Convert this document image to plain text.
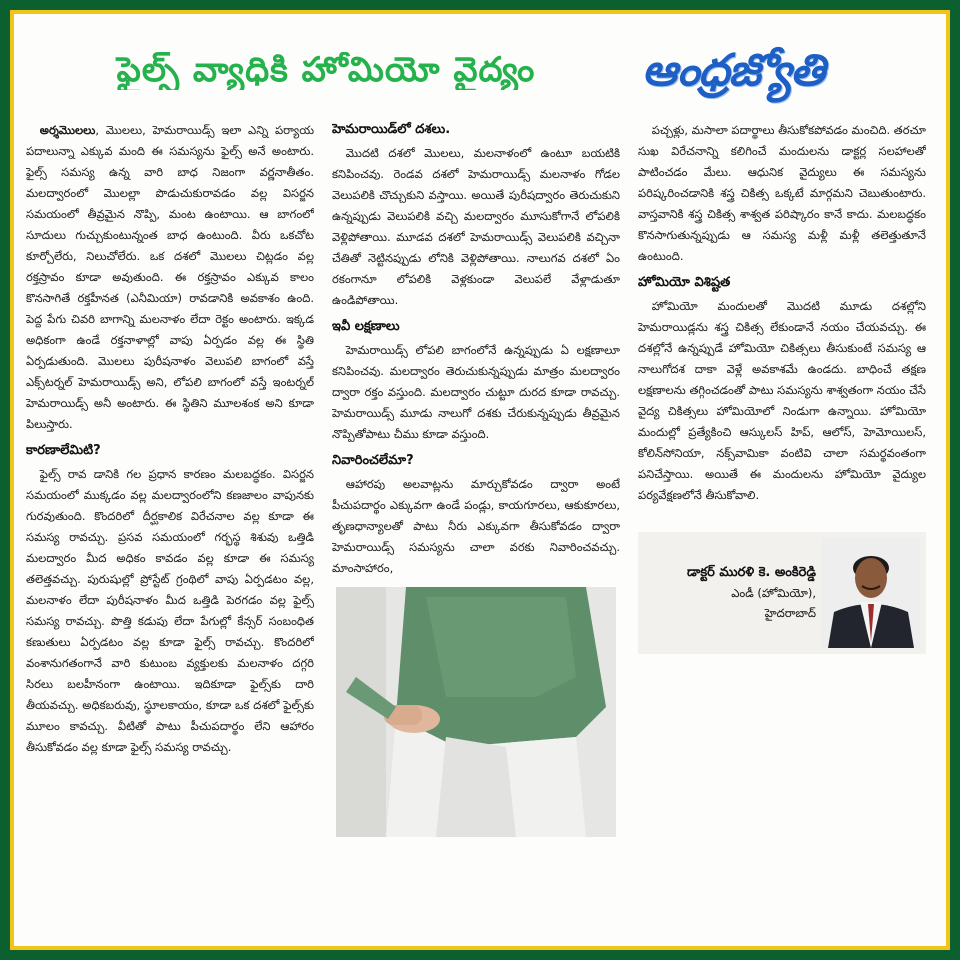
ఫైల్స్ వ్యాధికి హోమియో వైద్యం	ఆంధ్రజ్యోతి

అర్శమొలలు, మొలలు, హెమరాయిడ్స్ ఇలా ఎన్ని పర్యాయ పదాలున్నా ఎక్కువ మంది ఈ సమస్యను ఫైల్స్ అనే అంటారు. ఫైల్స్ సమస్య ఉన్న వారి బాధ నిజంగా వర్ణనాతీతం. మలద్వారంలో మొలల్లా పొడుచుకురావడం వల్ల విసర్జన సమయంలో తీవ్రమైన నొప్పి, మంట ఉంటాయి. ఆ బాగంలో సూదులు గుచ్చుకుంటున్నంత బాధ ఉంటుంది. వీరు ఒకచోట కూర్చోలేరు, నిలుచోలేరు. ఒక దశలో మొలలు చిట్లడం వల్ల రక్తస్రావం కూడా అవుతుంది. ఈ రక్తస్రావం ఎక్కువ కాలం కొనసాగితే రక్తహీనత (ఎనీమియా) రావడానికి అవకాశం ఉంది. పెద్ద పేగు చివరి బాగాన్ని మలనాళం లేదా రెక్టం అంటారు. ఇక్కడ అధికంగా ఉండే రక్తనాళాల్లో వాపు ఏర్పడం వల్ల ఈ స్థితి ఏర్పడుతుంది. మొలలు పురీషనాళం వెలుపలి బాగంలో వస్తే ఎక్స్‌టర్నల్ హెమరాయిడ్స్ అని, లోపలి బాగంలో వస్తే ఇంటర్నల్ హెమరాయిడ్స్ అనీ అంటారు. ఈ స్థితిని మూలశంక అని కూడా పిలుస్తారు.

కారణాలేమిటి?

ఫైల్స్ రావ డానికి గల ప్రధాన కారణం మలబద్ధకం. విసర్జన సమయంలో ముక్కడం వల్ల మలద్వారంలోని కణజాలం వాపునకు గురవుతుంది. కొందరిలో దీర్ఘకాలిక విరేచనాల వల్ల కూడా ఈ సమస్య రావచ్చు. ప్రసవ సమయంలో గర్భస్థ శిశువు ఒత్తిడి మలద్వారం మీద అధికం కావడం వల్ల కూడా ఈ సమస్య తలెత్తవచ్చు. పురుషుల్లో ప్రోస్టేట్ గ్రంథిలో వాపు ఏర్పడటం వల్ల, మలనాళం లేదా పురీషనాళం మీద ఒత్తిడి పెరగడం వల్ల ఫైల్స్ సమస్య రావచ్చు. పొత్తి కడుపు లేదా పేగుల్లో కేన్సర్ సంబంధిత కణుతులు ఏర్పడటం వల్ల కూడా ఫైల్స్ రావచ్చు. కొందరిలో వంశానుగతంగానే వారి కుటుంబ వ్యక్తులకు మలనాళం దగ్గరి సిరలు బలహీనంగా ఉంటాయి. ఇదికూడా ఫైల్స్‌కు దారి తీయవచ్చు. అధికబరువు, స్థూలకాయం, కూడా ఒక దశలో ఫైల్స్‌కు మూలం కావచ్చు. వీటితో పాటు పీచుపదార్థం లేని ఆహారం తీసుకోవడం వల్ల కూడా ఫైల్స్ సమస్య రావచ్చు.

హెమరాయిడ్‌లో దశలు.

మొదటి దశలో మొలలు, మలనాళంలో ఉంటూ బయటికి కనిపించవు. రెండవ దశలో హెమరాయిడ్స్ మలనాళం గోడల వెలుపలికి చొచ్చుకుని వస్తాయి. అయితే పురీషద్వారం తెరుచుకుని ఉన్నప్పుడు వెలుపలికి వచ్చి మలద్వారం మూసుకోగానే లోపలికి వెళ్లిపోతాయి. మూడవ దశలో హెమరాయిడ్స్ వెలుపలికి వచ్చినా చేతితో నెట్టినప్పుడు లోనికి వెళ్లిపోతాయి. నాలుగవ దశలో ఏం రకంగానూ లోపలికి వెళ్లకుండా వెలుపలే వేళ్లాడుతూ ఉండిపోతాయి.

ఇవీ లక్షణాలు

హెమరాయిడ్స్ లోపలి బాగంలోనే ఉన్నప్పుడు ఏ లక్షణాలూ కనిపించవు. మలద్వారం తెరుచుకున్నప్పుడు మాత్రం మలద్వారం ద్వారా రక్తం వస్తుంది. మలద్వారం చుట్టూ దురద కూడా రావచ్చు. హెమరాయిడ్స్ మూడు నాలుగో దశకు చేరుకున్నప్పుడు తీవ్రమైన నొప్పితోపాటు చీము కూడా వస్తుంది.

నివారించలేమా?

ఆహారపు అలవాట్లను మార్చుకోవడం ద్వారా అంటే పీచుపదార్థం ఎక్కువగా ఉండే పండ్లు, కాయగూరలు, ఆకుకూరలు, తృణధాన్యాలతో పాటు నీరు ఎక్కువగా తీసుకోవడం ద్వారా హెమరాయిడ్స్ సమస్యను చాలా వరకు నివారించవచ్చు. మాంసాహారం,

పచ్చళ్లు, మసాలా పదార్థాలు తీసుకోకపోవడం మంచిది. తరచూ సుఖ విరేచనాన్ని కలిగించే మందులను డాక్టర్ల సలహాలతో పాటించడం మేలు. ఆధునిక వైద్యులు ఈ సమస్యను పరిష్కరించడానికి శస్త్ర చికిత్స ఒక్కటే మార్గమని చెబుతుంటారు. వాస్తవానికి శస్త్ర చికిత్స శాశ్వత పరిష్కారం కానే కాదు. మలబద్ధకం కొనసాగుతున్నప్పుడు ఆ సమస్య మళ్లీ మళ్లీ తలెత్తుతూనే ఉంటుంది.

హోమియో విశిష్టత

హోమియో మందులతో మొదటి మూడు దశల్లోని హెమరాయిడ్లను శస్త్ర చికిత్స లేకుండానే నయం చేయవచ్చు. ఈ దశల్లోనే ఉన్నప్పుడే హోమియో చికిత్సలు తీసుకుంటే సమస్య ఆ నాలుగోదశ దాకా వెళ్లే అవకాశమే ఉండదు. బాధించే తక్షణ లక్షణాలను తగ్గించడంతో పాటు సమస్యను శాశ్వతంగా నయం చేసే వైద్య చికిత్సలు హోమియోలో నిండుగా ఉన్నాయి. హోమియో మందుల్లో ప్రత్యేకించి ఆస్కులస్ హిప్, ఆలోస్, హెమోయిలస్, కోలిన్‌సోనియా, నక్స్‌వామికా వంటివి చాలా సమర్థవంతంగా పనిచేస్తాయి. అయితే ఈ మందులను హోమియో వైద్యుల పర్యవేక్షణలోనే తీసుకోవాలి.

డాక్టర్ మురళి కె. అంకిరెడ్డి
ఎండీ (హోమియో),
హైదరాబాద్
